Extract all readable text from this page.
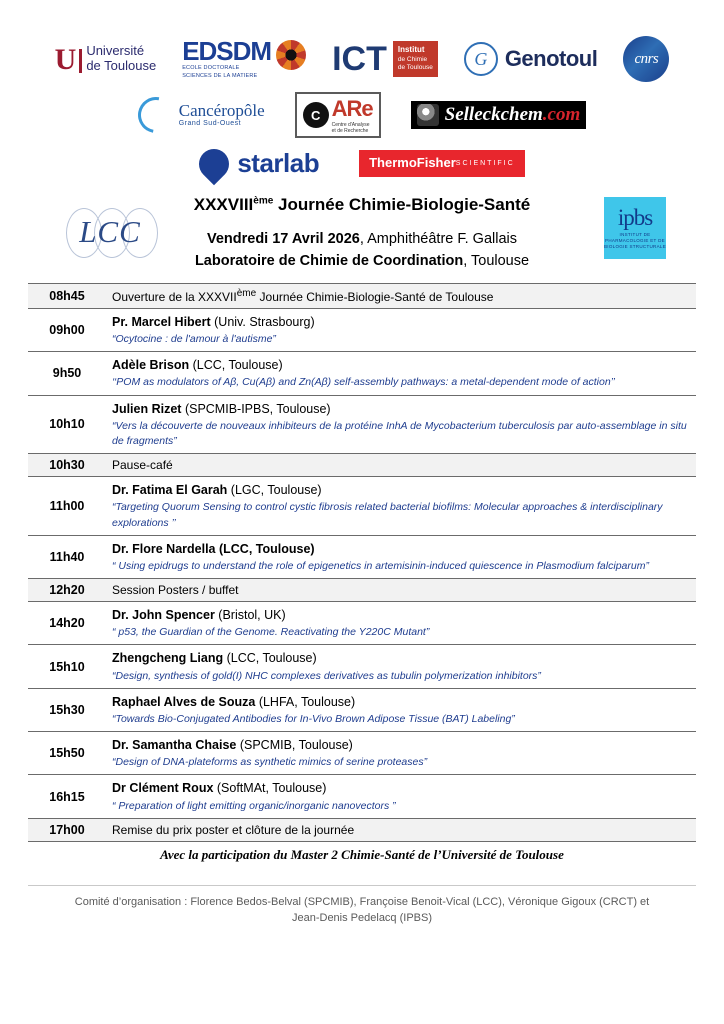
U Université
de Toulouse EDSDM
ECOLE DOCTORALE
SCIENCES DE LA MATIERE	ICT	Institut
de Chimie
de Toulouse	G Genotoul cnrs
Cancéropôle
Grand Sud-Ouest
C ARe
Centre d'Analyse
et de Recherche
Selleckchem.com
starlab	ThermoFisher SCIENTIFIC
LCC	ipbs
INSTITUT DE PHARMACOLOGIE ET DE BIOLOGIE STRUCTURALE
XXXVIIIème Journée Chimie-Biologie-Santé
Vendredi 17 Avril 2026, Amphithéâtre F. Gallais
Laboratoire de Chimie de Coordination, Toulouse
08h45	Ouverture de la XXXVIIème Journée Chimie-Biologie-Santé de Toulouse
09h00	Pr. Marcel Hibert (Univ. Strasbourg)
“Ocytocine : de l'amour à l'autisme”

9h50	Adèle Brison (LCC, Toulouse)
‘‘POM as modulators of Aβ, Cu(Aβ) and Zn(Aβ) self-assembly pathways: a metal-dependent mode of action’’

10h10	Julien Rizet (SPCMIB-IPBS, Toulouse)
“Vers la découverte de nouveaux inhibiteurs de la protéine InhA de Mycobacterium tuberculosis par auto-assemblage in situ de fragments”

10h30	Pause-café
11h00	Dr. Fatima El Garah (LGC, Toulouse)
“Targeting Quorum Sensing to control cystic fibrosis related bacterial biofilms: Molecular approaches & interdisciplinary explorations ’’

11h40	Dr. Flore Nardella (LCC, Toulouse)
“ Using epidrugs to understand the role of epigenetics in artemisinin-induced quiescence in Plasmodium falciparum”

12h20	Session Posters / buffet
14h20	Dr. John Spencer (Bristol, UK)
“ p53, the Guardian of the Genome. Reactivating the Y220C Mutant”

15h10	Zhengcheng Liang (LCC, Toulouse)
“Design, synthesis of gold(I) NHC complexes derivatives as tubulin polymerization inhibitors”

15h30	Raphael Alves de Souza (LHFA, Toulouse)
“Towards Bio-Conjugated Antibodies for In-Vivo Brown Adipose Tissue (BAT) Labeling”

15h50	Dr. Samantha Chaise (SPCMIB, Toulouse)
“Design of DNA-plateforms as synthetic mimics of serine proteases”

16h15	Dr Clément Roux (SoftMAt, Toulouse)
“ Preparation of light emitting organic/inorganic nanovectors ”

17h00	Remise du prix poster et clôture de la journée
Avec la participation du Master 2 Chimie-Santé de l’Université de Toulouse
Comité d’organisation : Florence Bedos-Belval (SPCMIB), Françoise Benoit-Vical (LCC), Véronique Gigoux (CRCT) et
Jean-Denis Pedelacq (IPBS)
